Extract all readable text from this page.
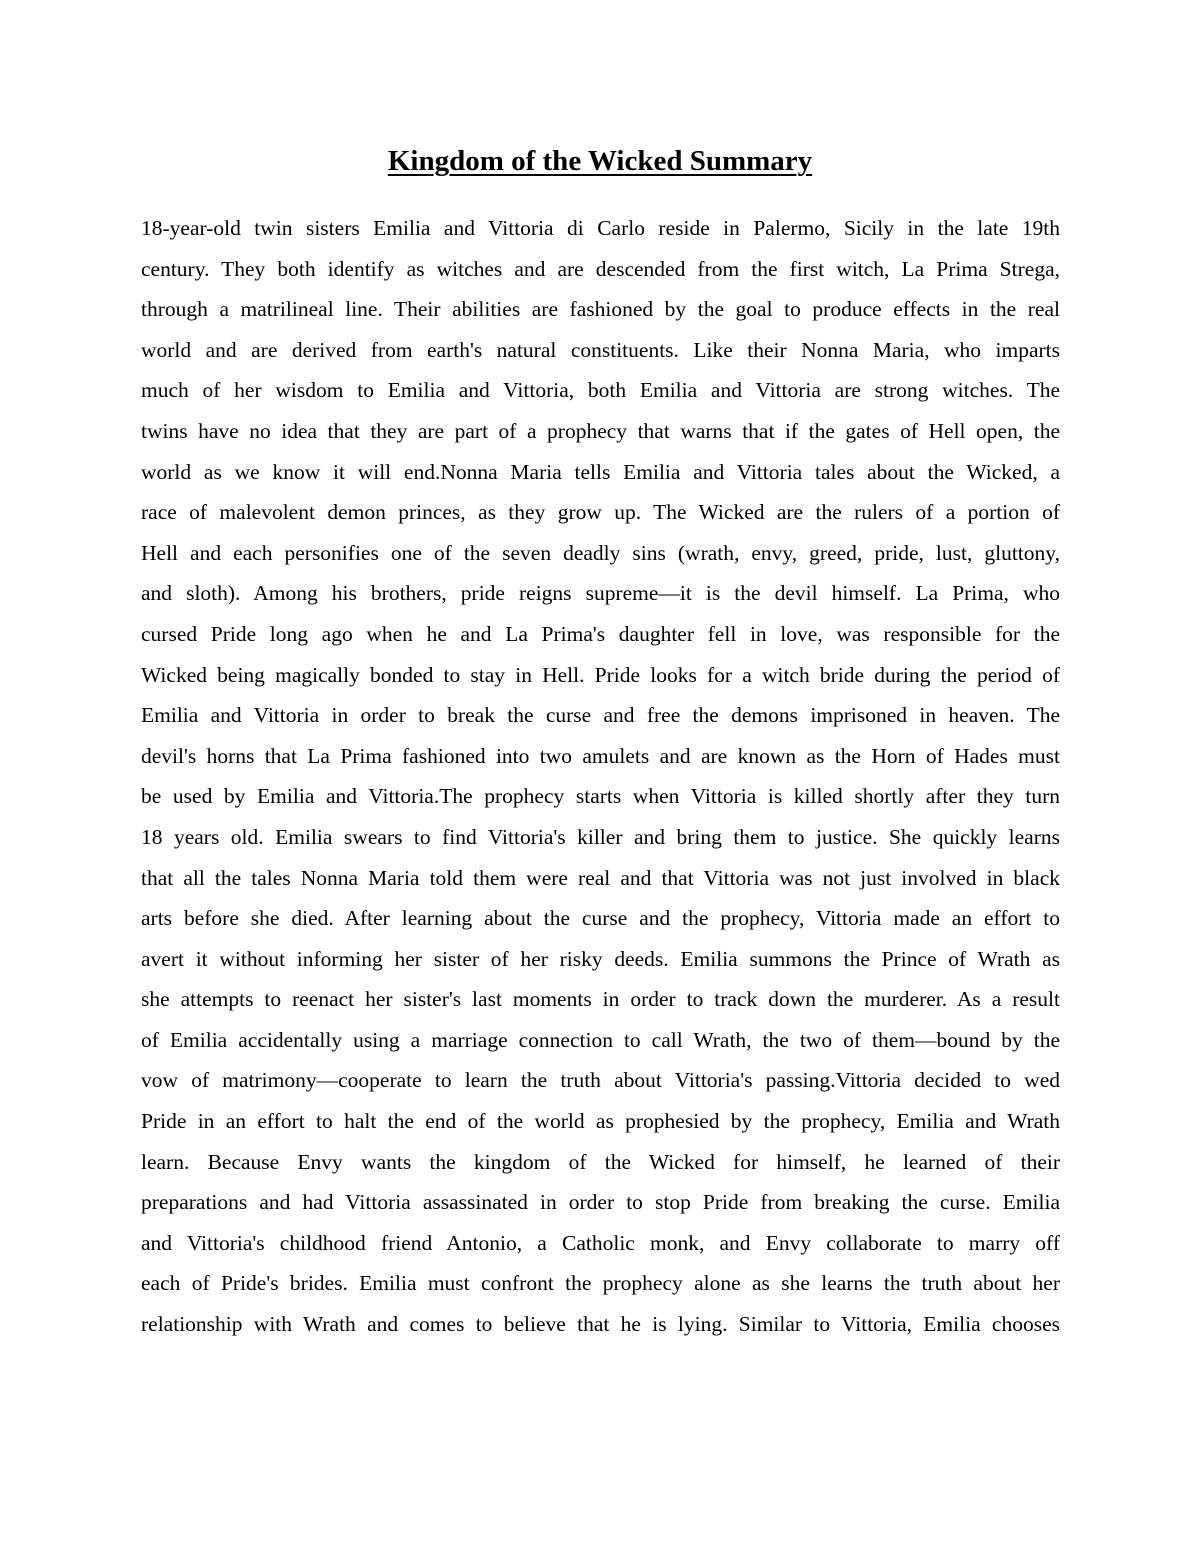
Kingdom of the Wicked Summary
18-year-old twin sisters Emilia and Vittoria di Carlo reside in Palermo, Sicily in the late 19th
century. They both identify as witches and are descended from the first witch, La Prima Strega,
through a matrilineal line. Their abilities are fashioned by the goal to produce effects in the real
world and are derived from earth's natural constituents. Like their Nonna Maria, who imparts
much of her wisdom to Emilia and Vittoria, both Emilia and Vittoria are strong witches. The
twins have no idea that they are part of a prophecy that warns that if the gates of Hell open, the
world as we know it will end.Nonna Maria tells Emilia and Vittoria tales about the Wicked, a
race of malevolent demon princes, as they grow up. The Wicked are the rulers of a portion of
Hell and each personifies one of the seven deadly sins (wrath, envy, greed, pride, lust, gluttony,
and sloth). Among his brothers, pride reigns supreme—it is the devil himself. La Prima, who
cursed Pride long ago when he and La Prima's daughter fell in love, was responsible for the
Wicked being magically bonded to stay in Hell. Pride looks for a witch bride during the period of
Emilia and Vittoria in order to break the curse and free the demons imprisoned in heaven. The
devil's horns that La Prima fashioned into two amulets and are known as the Horn of Hades must
be used by Emilia and Vittoria.The prophecy starts when Vittoria is killed shortly after they turn
18 years old. Emilia swears to find Vittoria's killer and bring them to justice. She quickly learns
that all the tales Nonna Maria told them were real and that Vittoria was not just involved in black
arts before she died. After learning about the curse and the prophecy, Vittoria made an effort to
avert it without informing her sister of her risky deeds. Emilia summons the Prince of Wrath as
she attempts to reenact her sister's last moments in order to track down the murderer. As a result
of Emilia accidentally using a marriage connection to call Wrath, the two of them—bound by the
vow of matrimony—cooperate to learn the truth about Vittoria's passing.Vittoria decided to wed
Pride in an effort to halt the end of the world as prophesied by the prophecy, Emilia and Wrath
learn. Because Envy wants the kingdom of the Wicked for himself, he learned of their
preparations and had Vittoria assassinated in order to stop Pride from breaking the curse. Emilia
and Vittoria's childhood friend Antonio, a Catholic monk, and Envy collaborate to marry off
each of Pride's brides. Emilia must confront the prophecy alone as she learns the truth about her
relationship with Wrath and comes to believe that he is lying. Similar to Vittoria, Emilia chooses
